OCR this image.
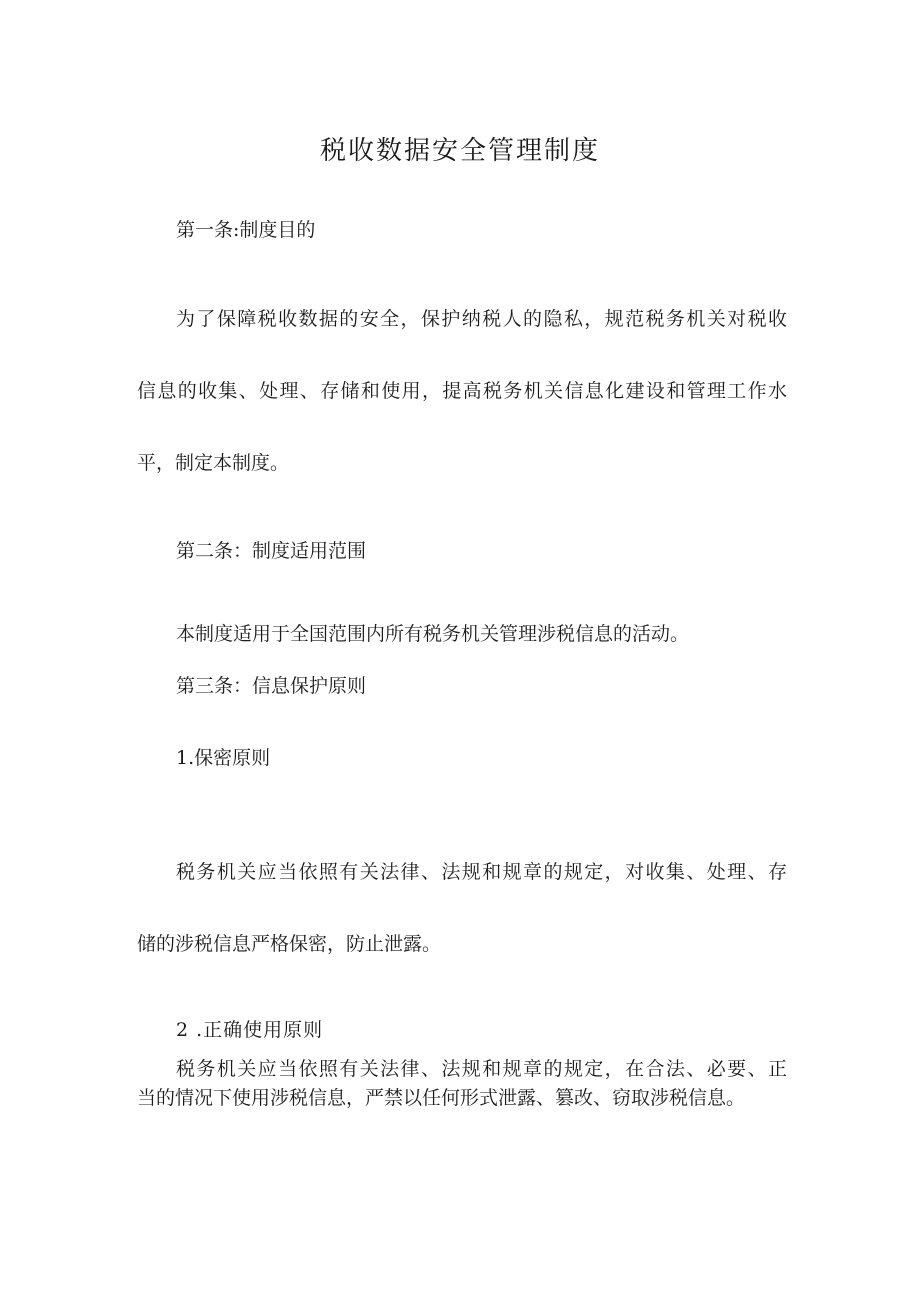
税收数据安全管理制度
第一条:制度目的
为了保障税收数据的安全，保护纳税人的隐私，规范税务机关对税收
信息的收集、处理、存储和使用，提高税务机关信息化建设和管理工作水
平，制定本制度。
第二条：制度适用范围
本制度适用于全国范围内所有税务机关管理涉税信息的活动。
第三条：信息保护原则
1.保密原则
税务机关应当依照有关法律、法规和规章的规定，对收集、处理、存
储的涉税信息严格保密，防止泄露。
2 .正确使用原则
税务机关应当依照有关法律、法规和规章的规定，在合法、必要、正
当的情况下使用涉税信息，严禁以任何形式泄露、篡改、窃取涉税信息。
